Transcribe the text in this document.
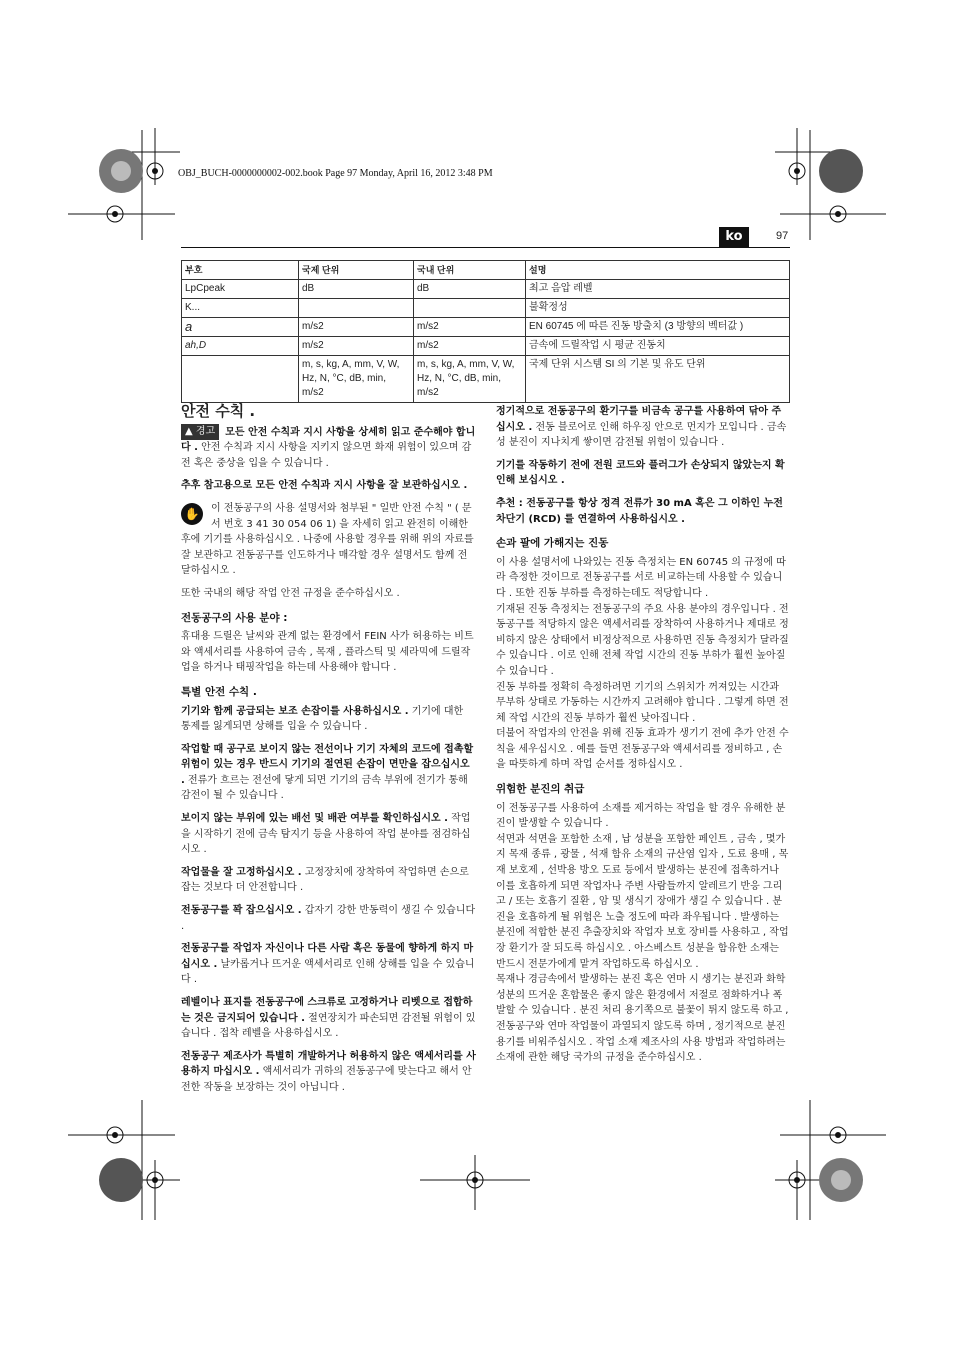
OBJ_BUCH-0000000002-002.book Page 97 Monday, April 16, 2012 3:48 PM
ko	97
부호	국제 단위	국내 단위	설명
LpCpeak	dB	dB	최고 음압 레벨
K...			불확정성
a	m/s2	m/s2	EN 60745 에 따른 진동 방출치 (3 방향의 벡터값 )
ah,D	m/s2	m/s2	금속에 드릴작업 시 평균 진동치
	m, s, kg, A, mm, V, W, Hz, N, °C, dB, min, m/s2	m, s, kg, A, mm, V, W, Hz, N, °C, dB, min, m/s2	국제 단위 시스템 SI 의 기본 및 유도 단위
안전 수칙 .

▲ 경고 모든 안전 수칙과 지시 사항을 상세히 읽고 준수해야 합니다 . 안전 수칙과 지시 사항을 지키지 않으면 화재 위험이 있으며 감전 혹은 중상을 입을 수 있습니다 .

추후 참고용으로 모든 안전 수칙과 지시 사항을 잘 보관하십시오 .

✋	이 전동공구의 사용 설명서와 첨부된 " 일반 안전 수칙 " ( 문서 번호 3 41 30 054 06 1) 을 자세히 읽고 완전히 이해한 후에 기기를 사용하십시오 . 나중에 사용할 경우를 위해 위의 자료를 잘 보관하고 전동공구를 인도하거나 매각할 경우 설명서도 함께 전달하십시오 .

또한 국내의 해당 작업 안전 규정을 준수하십시오 .

전동공구의 사용 분야 :

휴대용 드릴은 날씨와 관계 없는 환경에서 FEIN 사가 허용하는 비트와 액세서리를 사용하여 금속 , 목재 , 플라스틱 및 세라믹에 드릴작업을 하거나 태핑작업을 하는데 사용해야 합니다 .

특별 안전 수칙 .

기기와 함께 공급되는 보조 손잡이를 사용하십시오 . 기기에 대한 통제를 잃게되면 상해를 입을 수 있습니다 .

작업할 때 공구로 보이지 않는 전선이나 기기 자체의 코드에 접촉할 위험이 있는 경우 반드시 기기의 절연된 손잡이 면만을 잡으십시오 . 전류가 흐르는 전선에 닿게 되면 기기의 금속 부위에 전기가 통해 감전이 될 수 있습니다 .

보이지 않는 부위에 있는 배선 및 배관 여부를 확인하십시오 . 작업을 시작하기 전에 금속 탐지기 등을 사용하여 작업 분야를 점검하십시오 .

작업물을 잘 고정하십시오 . 고정장치에 장착하여 작업하면 손으로 잡는 것보다 더 안전합니다 .

전동공구를 꽉 잡으십시오 . 갑자기 강한 반동력이 생길 수 있습니다 .

전동공구를 작업자 자신이나 다른 사람 혹은 동물에 향하게 하지 마십시오 . 날카롭거나 뜨거운 액세서리로 인해 상해를 입을 수 있습니다 .

레벨이나 표지를 전동공구에 스크류로 고정하거나 리벳으로 접합하는 것은 금지되어 있습니다 . 절연장치가 파손되면 감전될 위험이 있습니다 . 접착 레벨을 사용하십시오 .

전동공구 제조사가 특별히 개발하거나 허용하지 않은 액세서리를 사용하지 마십시오 . 액세서리가 귀하의 전동공구에 맞는다고 해서 안전한 작동을 보장하는 것이 아닙니다 .

정기적으로 전동공구의 환기구를 비금속 공구를 사용하여 닦아 주십시오 . 전동 블로어로 인해 하우징 안으로 먼지가 모입니다 . 금속성 분진이 지나치게 쌓이면 감전될 위험이 있습니다 .

기기를 작동하기 전에 전원 코드와 플러그가 손상되지 않았는지 확인해 보십시오 .

추천 : 전동공구를 항상 정격 전류가 30 mA 혹은 그 이하인 누전 차단기 (RCD) 를 연결하여 사용하십시오 .

손과 팔에 가해지는 진동

이 사용 설명서에 나와있는 진동 측정치는 EN 60745 의 규정에 따라 측정한 것이므로 전동공구를 서로 비교하는데 사용할 수 있습니다 . 또한 진동 부하를 측정하는데도 적당합니다 .

기재된 진동 측정치는 전동공구의 주요 사용 분야의 경우입니다 . 전동공구를 적당하지 않은 액세서리를 장착하여 사용하거나 제대로 정비하지 않은 상태에서 비정상적으로 사용하면 진동 측정치가 달라질 수 있습니다 . 이로 인해 전체 작업 시간의 진동 부하가 훨씬 높아질 수 있습니다 .

진동 부하를 정확히 측정하려면 기기의 스위치가 꺼져있는 시간과 무부하 상태로 가동하는 시간까지 고려해야 합니다 . 그렇게 하면 전체 작업 시간의 진동 부하가 훨씬 낮아집니다 .

더불어 작업자의 안전을 위해 진동 효과가 생기기 전에 추가 안전 수칙을 세우십시오 . 예를 들면 전동공구와 액세서리를 정비하고 , 손을 따뜻하게 하며 작업 순서를 정하십시오 .

위험한 분진의 취급

이 전동공구를 사용하여 소재를 제거하는 작업을 할 경우 유해한 분진이 발생할 수 있습니다 .

석면과 석면을 포함한 소재 , 납 성분을 포함한 페인트 , 금속 , 몇가지 목재 종류 , 광물 , 석재 함유 소재의 규산염 입자 , 도료 용매 , 목재 보호제 , 선박용 방오 도료 등에서 발생하는 분진에 접촉하거나 이를 호흡하게 되면 작업자나 주변 사람들까지 알레르기 반응 그리고 / 또는 호흡기 질환 , 암 및 생식기 장애가 생길 수 있습니다 . 분진을 호흡하게 될 위험은 노출 정도에 따라 좌우됩니다 . 발생하는 분진에 적합한 분진 추출장치와 작업자 보호 장비를 사용하고 , 작업장 환기가 잘 되도록 하십시오 . 아스베스트 성분을 함유한 소재는 반드시 전문가에게 맡겨 작업하도록 하십시오 .

목재나 경금속에서 발생하는 분진 혹은 연마 시 생기는 분진과 화학 성분의 뜨거운 혼합물은 좋지 않은 환경에서 저절로 점화하거나 폭발할 수 있습니다 . 분진 처리 용기쪽으로 불꽃이 튀지 않도록 하고 , 전동공구와 연마 작업물이 과열되지 않도록 하며 , 정기적으로 분진 용기를 비워주십시오 . 작업 소재 제조사의 사용 방법과 작업하려는 소재에 관한 해당 국가의 규정을 준수하십시오 .
